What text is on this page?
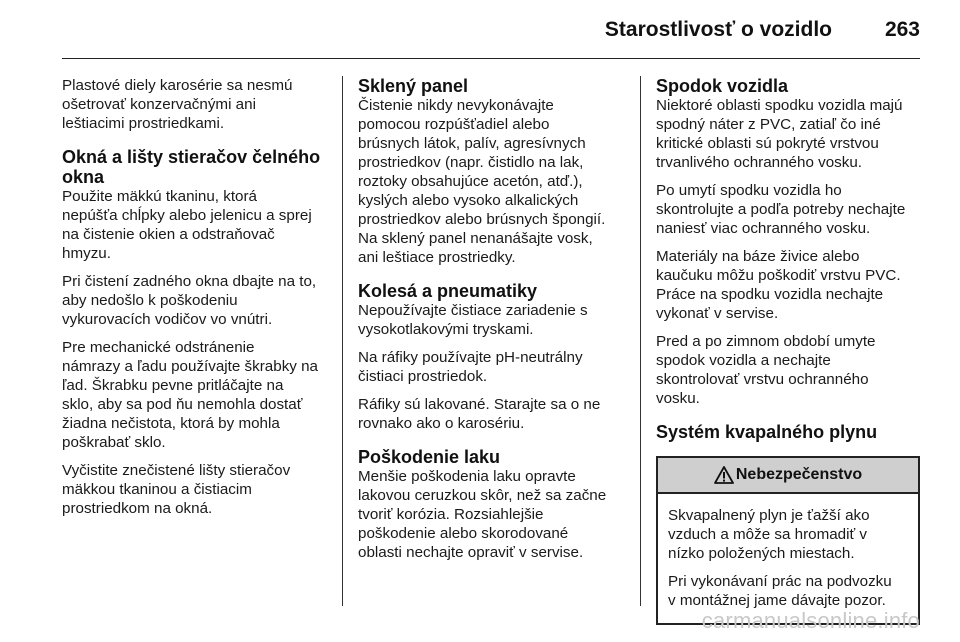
Starostlivosť o vozidlo	263

Plastové diely karosérie sa nesmú
ošetrovať konzervačnými ani
leštiacimi prostriedkami.

Okná a lišty stieračov čelného
okna

Použite mäkkú tkaninu, ktorá
nepúšťa chĺpky alebo jelenicu a sprej
na čistenie okien a odstraňovač
hmyzu.

Pri čistení zadného okna dbajte na to,
aby nedošlo k poškodeniu
vykurovacích vodičov vo vnútri.

Pre mechanické odstránenie
námrazy a ľadu používajte škrabky na
ľad. Škrabku pevne pritláčajte na
sklo, aby sa pod ňu nemohla dostať
žiadna nečistota, ktorá by mohla
poškrabať sklo.

Vyčistite znečistené lišty stieračov
mäkkou tkaninou a čistiacim
prostriedkom na okná.

Sklený panel

Čistenie nikdy nevykonávajte
pomocou rozpúšťadiel alebo
brúsnych látok, palív, agresívnych
prostriedkov (napr. čistidlo na lak,
roztoky obsahujúce acetón, atď.),
kyslých alebo vysoko alkalických
prostriedkov alebo brúsnych špongií.
Na sklený panel nenanášajte vosk,
ani leštiace prostriedky.

Kolesá a pneumatiky

Nepoužívajte čistiace zariadenie s
vysokotlakovými tryskami.

Na ráfiky používajte pH-neutrálny
čistiaci prostriedok.

Ráfiky sú lakované. Starajte sa o ne
rovnako ako o karosériu.

Poškodenie laku

Menšie poškodenia laku opravte
lakovou ceruzkou skôr, než sa začne
tvoriť korózia. Rozsiahlejšie
poškodenie alebo skorodované
oblasti nechajte opraviť v servise.

Spodok vozidla

Niektoré oblasti spodku vozidla majú
spodný náter z PVC, zatiaľ čo iné
kritické oblasti sú pokryté vrstvou
trvanlivého ochranného vosku.

Po umytí spodku vozidla ho
skontrolujte a podľa potreby nechajte
naniesť viac ochranného vosku.

Materiály na báze živice alebo
kaučuku môžu poškodiť vrstvu PVC.
Práce na spodku vozidla nechajte
vykonať v servise.

Pred a po zimnom období umyte
spodok vozidla a nechajte
skontrolovať vrstvu ochranného
vosku.

Systém kvapalného plynu
Nebezpečenstvo

Skvapalnený plyn je ťažší ako
vzduch a môže sa hromadiť v
nízko položených miestach.

Pri vykonávaní prác na podvozku
v montážnej jame dávajte pozor.

carmanualsonline.info
